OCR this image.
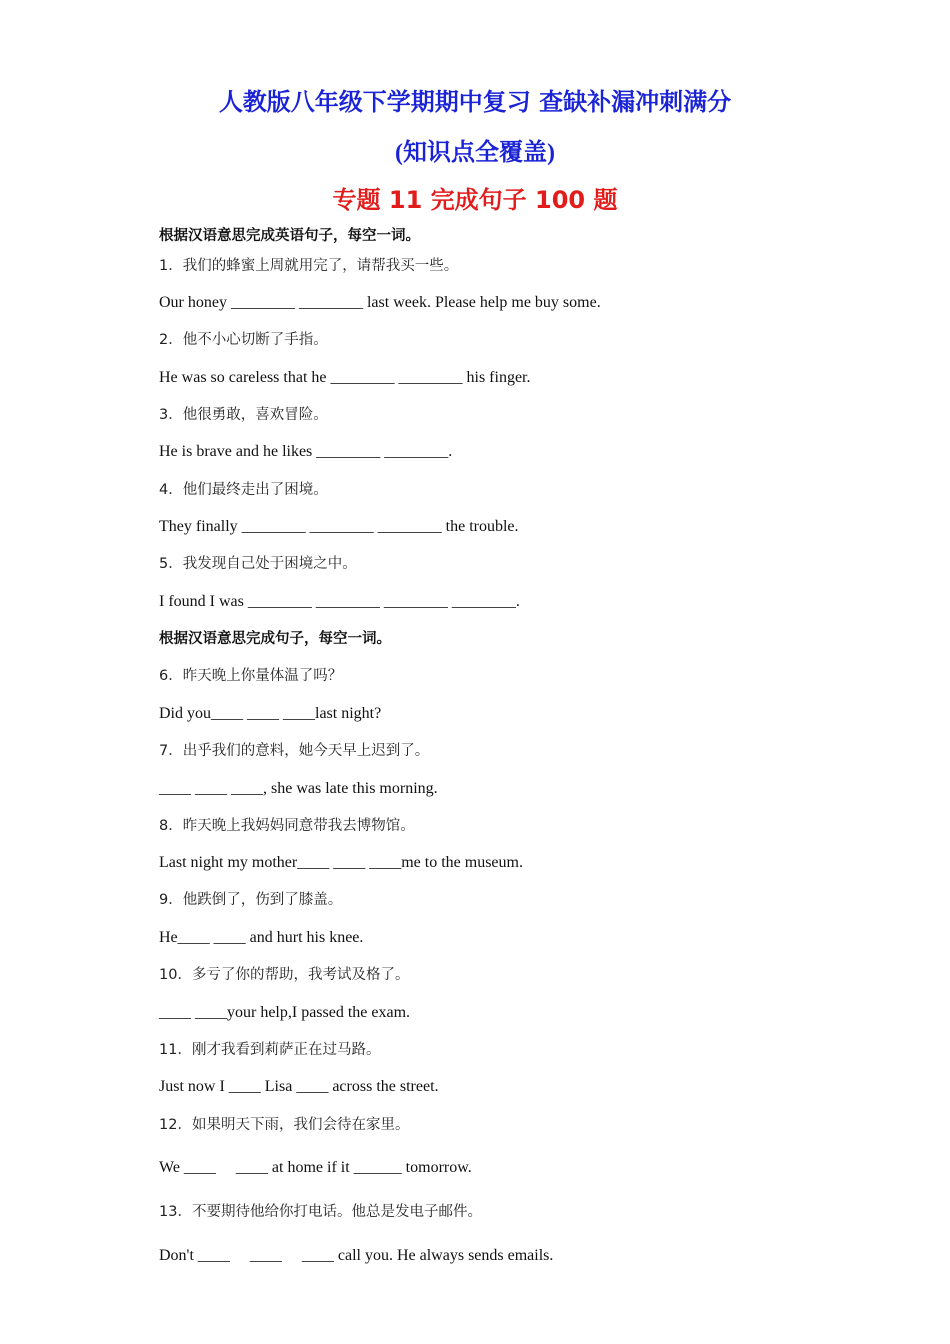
人教版八年级下学期期中复习 查缺补漏冲刺满分
(知识点全覆盖)
专题 11 完成句子 100 题
根据汉语意思完成英语句子，每空一词。
1．我们的蜂蜜上周就用完了，请帮我买一些。
Our honey ________ ________ last week. Please help me buy some.
2．他不小心切断了手指。
He was so careless that he ________ ________ his finger.
3．他很勇敢，喜欢冒险。
He is brave and he likes ________ ________.
4．他们最终走出了困境。
They finally ________ ________ ________ the trouble.
5．我发现自己处于困境之中。
I found I was ________ ________ ________ ________.
根据汉语意思完成句子，每空一词。
6．昨天晚上你量体温了吗？
Did you____ ____ ____last night?
7．出乎我们的意料，她今天早上迟到了。
____ ____ ____, she was late this morning.
8．昨天晚上我妈妈同意带我去博物馆。
Last night my mother____ ____ ____me to the museum.
9．他跌倒了，伤到了膝盖。
He____ ____ and hurt his knee.
10．多亏了你的帮助，我考试及格了。
____ ____your help,I passed the exam.
11．刚才我看到莉萨正在过马路。
Just now I ____ Lisa ____ across the street.
12．如果明天下雨，我们会待在家里。
We ____     ____ at home if it ______ tomorrow.
13．不要期待他给你打电话。他总是发电子邮件。
Don't ____     ____     ____ call you. He always sends emails.
